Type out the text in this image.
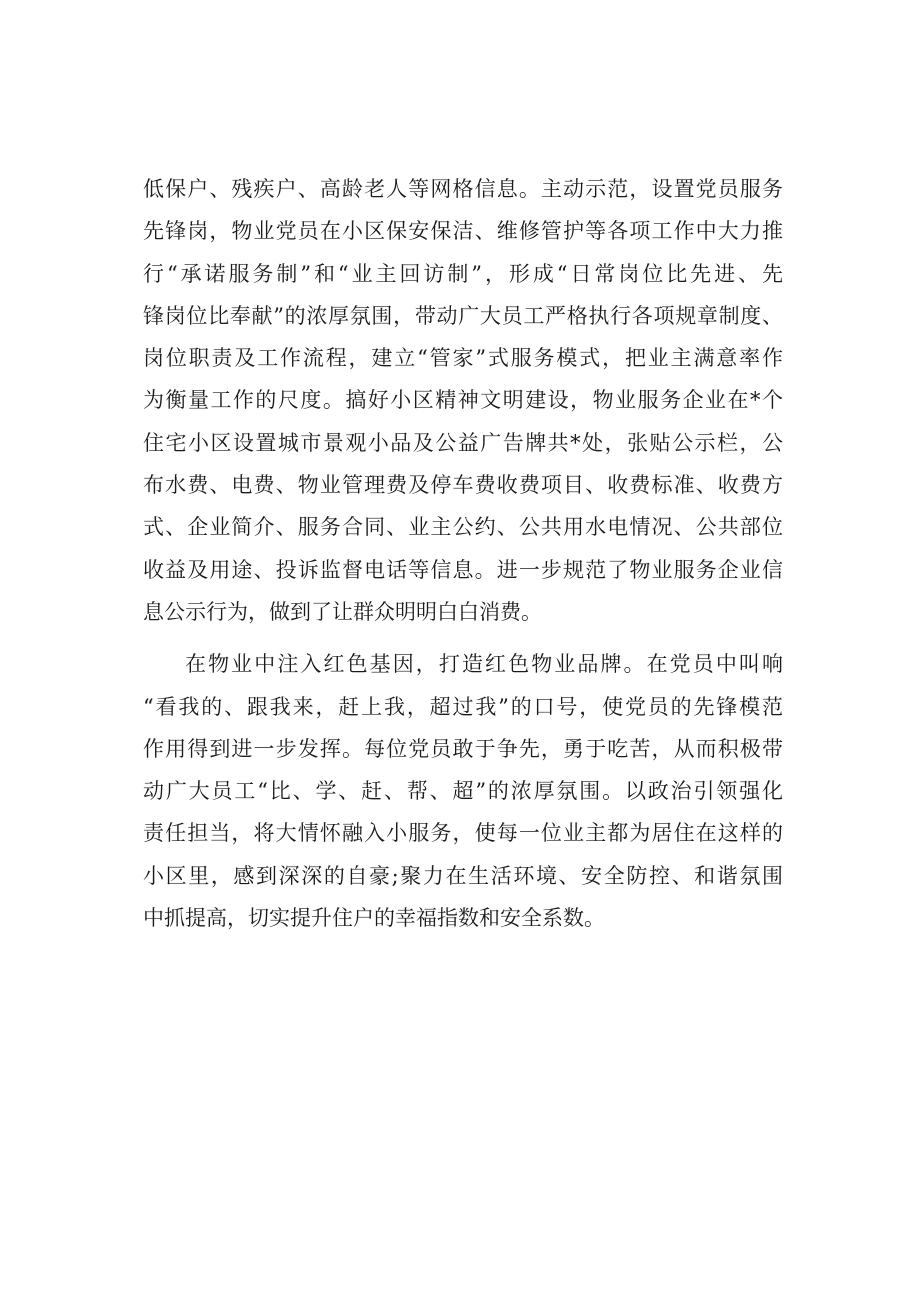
低保户、残疾户、高龄老人等网格信息。主动示范，设置党员服务
先锋岗，物业党员在小区保安保洁、维修管护等各项工作中大力推
行“承诺服务制”和“业主回访制”，形成“日常岗位比先进、先
锋岗位比奉献”的浓厚氛围，带动广大员工严格执行各项规章制度、
岗位职责及工作流程，建立“管家”式服务模式，把业主满意率作
为衡量工作的尺度。搞好小区精神文明建设，物业服务企业在*个
住宅小区设置城市景观小品及公益广告牌共*处，张贴公示栏，公
布水费、电费、物业管理费及停车费收费项目、收费标准、收费方
式、企业简介、服务合同、业主公约、公共用水电情况、公共部位
收益及用途、投诉监督电话等信息。进一步规范了物业服务企业信
息公示行为，做到了让群众明明白白消费。
在物业中注入红色基因，打造红色物业品牌。在党员中叫响
“看我的、跟我来，赶上我，超过我”的口号，使党员的先锋模范
作用得到进一步发挥。每位党员敢于争先，勇于吃苦，从而积极带
动广大员工“比、学、赶、帮、超”的浓厚氛围。以政治引领强化
责任担当，将大情怀融入小服务，使每一位业主都为居住在这样的
小区里，感到深深的自豪;聚力在生活环境、安全防控、和谐氛围
中抓提高，切实提升住户的幸福指数和安全系数。
